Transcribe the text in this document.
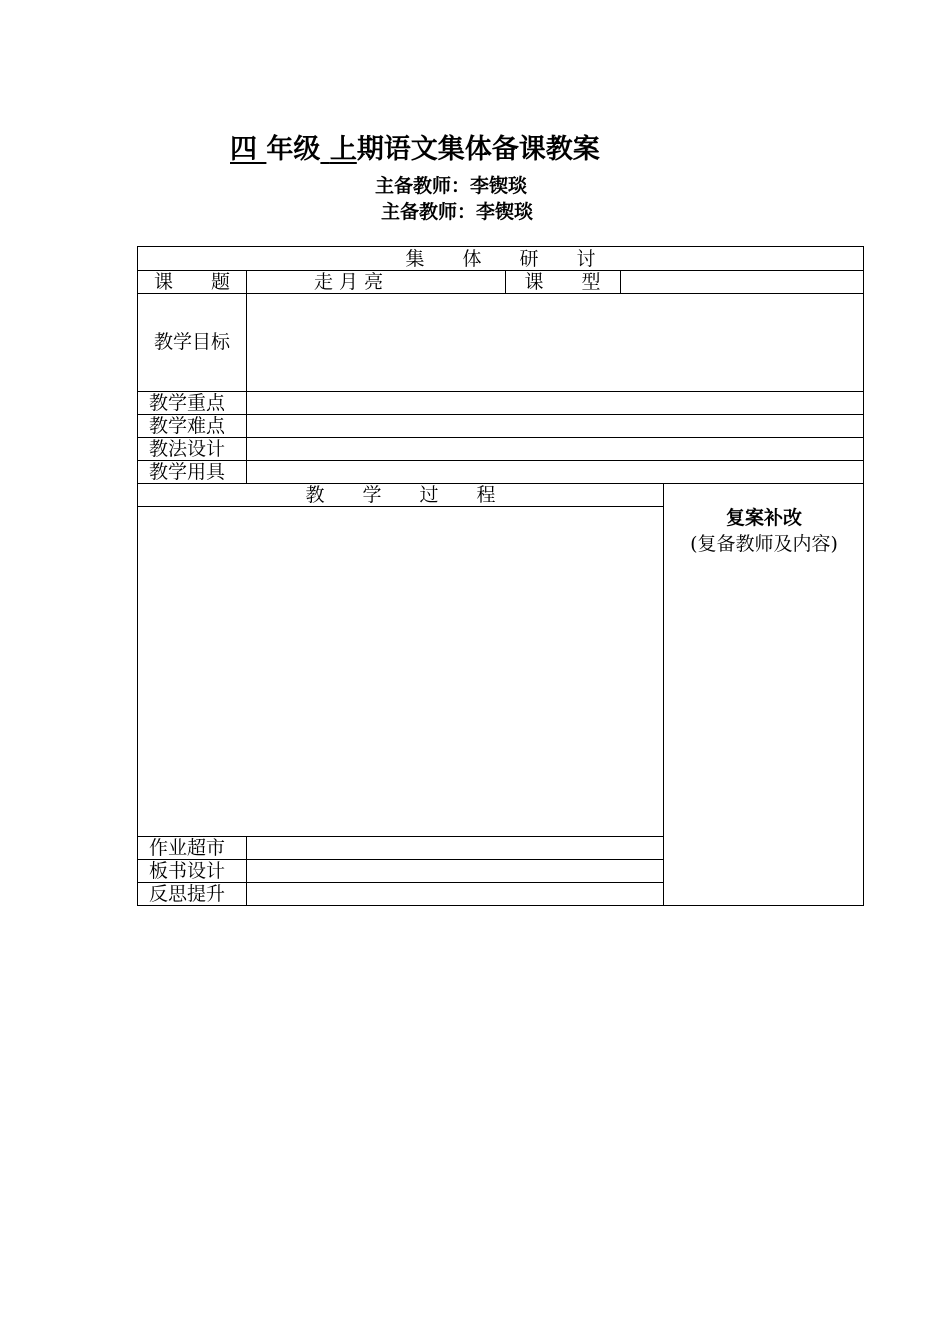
四 年级 上期语文集体备课教案
主备教师：李锲琰
主备教师：李锲琰
集　　体　　研　　讨
课　　题	走 月 亮	课　　型
教学目标
教学重点
教学难点
教法设计
教学用具
教　　学　　过　　程
复案补改
(复备教师及内容)
作业超市
板书设计
反思提升
